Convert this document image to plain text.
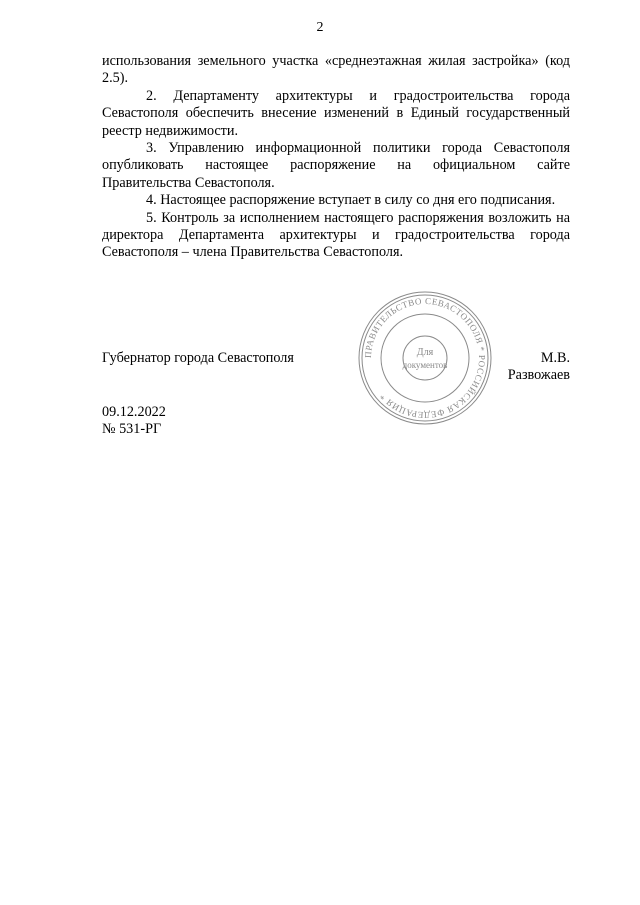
2

использования земельного участка «среднеэтажная жилая застройка» (код 2.5).

2. Департаменту архитектуры и градостроительства города Севастополя обеспечить внесение изменений в Единый государственный реестр недвижимости.

3. Управлению информационной политики города Севастополя опубликовать настоящее распоряжение на официальном сайте Правительства Севастополя.

4. Настоящее распоряжение вступает в силу со дня его подписания.

5. Контроль за исполнением настоящего распоряжения возложить на директора Департамента архитектуры и градостроительства города Севастополя – члена Правительства Севастополя.

Губернатор города Севастополя	ПРАВИТЕЛЬСТВО СЕВАСТОПОЛЯ * РОССИЙСКАЯ ФЕДЕРАЦИЯ *
Для
документов	М.В. Развожаев
09.12.2022
№ 531-РГ
